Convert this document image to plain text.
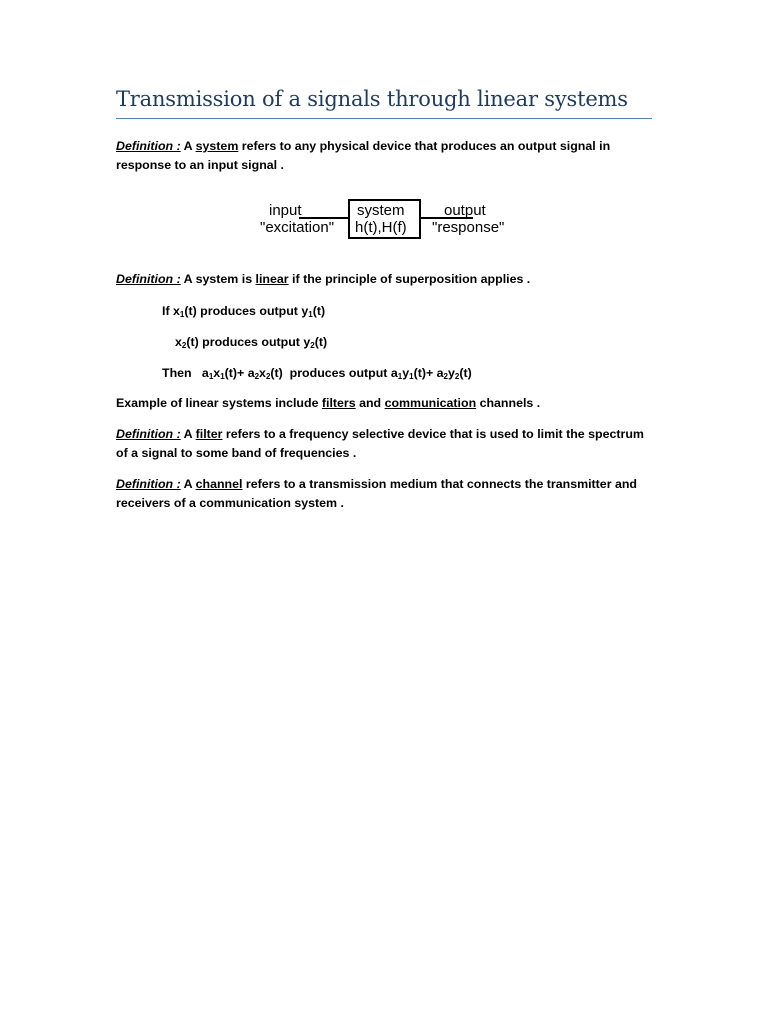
Transmission of a signals through linear systems
Definition : A system refers to any physical device that produces an output signal in
response to an input signal .
input
"excitation"
system
h(t),H(f)
output
"response"
Definition : A system is linear if the principle of superposition applies .
If $x_1(t)$ produces output $y_1(t)$
$x_2(t)$ produces output $y_2(t)$
Then   $a_1x_1(t)+ a_2x_2(t)$  produces output $a_1y_1(t)+ a_2y_2(t)$
Example of linear systems include filters and communication channels .
Definition : A filter refers to a frequency selective device that is used to limit the spectrum
of a signal to some band of frequencies .
Definition : A channel refers to a transmission medium that connects the transmitter and
receivers of a communication system .
